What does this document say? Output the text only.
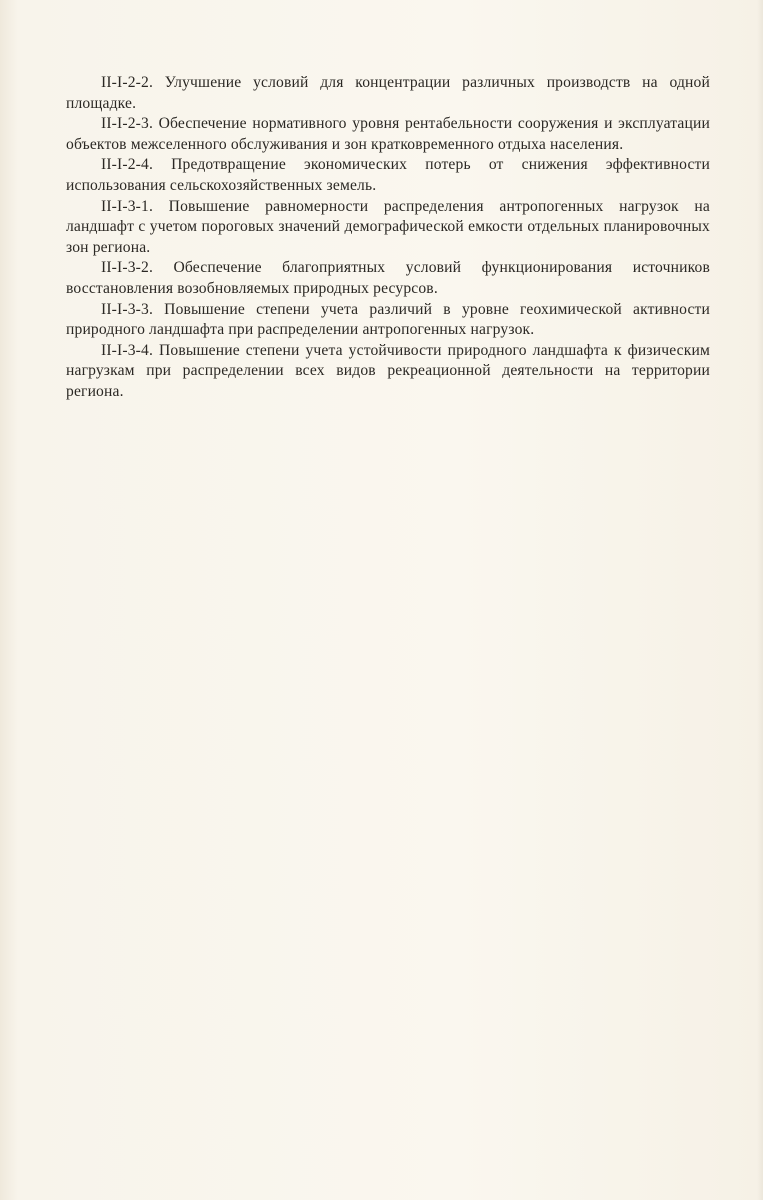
II-I-2-2. Улучшение условий для концентрации различных производств на одной площадке.

II-I-2-3. Обеспечение нормативного уровня рентабельности сооружения и эксплуатации объектов межселенного обслуживания и зон кратковременного отдыха населения.

II-I-2-4. Предотвращение экономических потерь от снижения эффективности использования сельскохозяйственных земель.

II-I-3-1. Повышение равномерности распределения антропогенных нагрузок на ландшафт с учетом пороговых значений демографической емкости отдельных планировочных зон региона.

II-I-3-2. Обеспечение благоприятных условий функционирования источников восстановления возобновляемых природных ресурсов.

II-I-3-3. Повышение степени учета различий в уровне геохимической активности природного ландшафта при распределении антропогенных нагрузок.

II-I-3-4. Повышение степени учета устойчивости природного ландшафта к физическим нагрузкам при распределении всех видов рекреационной деятельности на территории региона.
